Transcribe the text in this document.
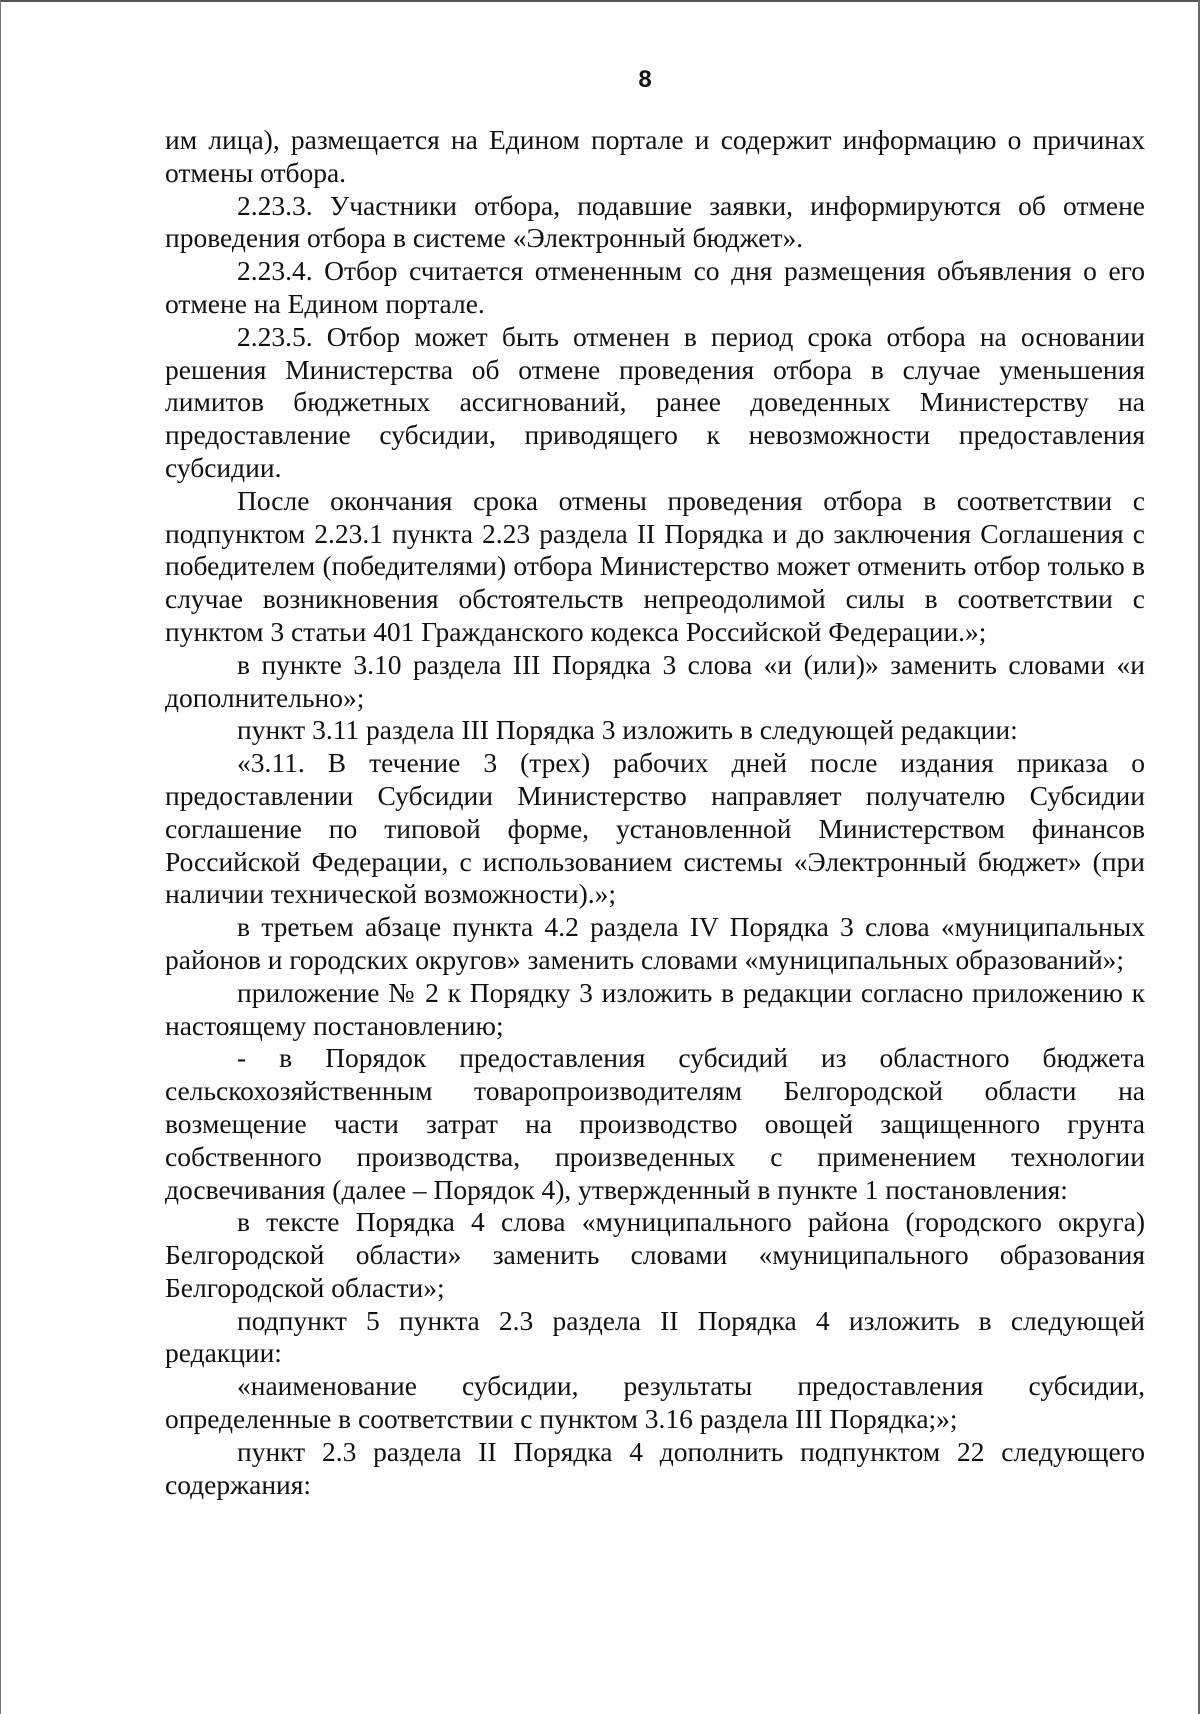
8

им лица), размещается на Едином портале и содержит информацию о причинах отмены отбора.

2.23.3. Участники отбора, подавшие заявки, информируются об отмене проведения отбора в системе «Электронный бюджет».

2.23.4. Отбор считается отмененным со дня размещения объявления о его отмене на Едином портале.

2.23.5. Отбор может быть отменен в период срока отбора на основании решения Министерства об отмене проведения отбора в случае уменьшения лимитов бюджетных ассигнований, ранее доведенных Министерству на предоставление субсидии, приводящего к невозможности предоставления субсидии.

После окончания срока отмены проведения отбора в соответствии с подпунктом 2.23.1 пункта 2.23 раздела II Порядка и до заключения Соглашения с победителем (победителями) отбора Министерство может отменить отбор только в случае возникновения обстоятельств непреодолимой силы в соответствии с пунктом 3 статьи 401 Гражданского кодекса Российской Федерации.»;

в пункте 3.10 раздела III Порядка 3 слова «и (или)» заменить словами «и дополнительно»;

пункт 3.11 раздела III Порядка 3 изложить в следующей редакции:

«3.11. В течение 3 (трех) рабочих дней после издания приказа о предоставлении Субсидии Министерство направляет получателю Субсидии соглашение по типовой форме, установленной Министерством финансов Российской Федерации, с использованием системы «Электронный бюджет» (при наличии технической возможности).»;

в третьем абзаце пункта 4.2 раздела IV Порядка 3 слова «муниципальных районов и городских округов» заменить словами «муниципальных образований»;

приложение № 2 к Порядку 3 изложить в редакции согласно приложению к настоящему постановлению;

- в Порядок предоставления субсидий из областного бюджета сельскохозяйственным товаропроизводителям Белгородской области на возмещение части затрат на производство овощей защищенного грунта собственного производства, произведенных с применением технологии досвечивания (далее – Порядок 4), утвержденный в пункте 1 постановления:

в тексте Порядка 4 слова «муниципального района (городского округа) Белгородской области» заменить словами «муниципального образования Белгородской области»;

подпункт 5 пункта 2.3 раздела II Порядка 4 изложить в следующей редакции:

«наименование субсидии, результаты предоставления субсидии, определенные в соответствии с пунктом 3.16 раздела III Порядка;»;

пункт 2.3 раздела II Порядка 4 дополнить подпунктом 22 следующего содержания:
